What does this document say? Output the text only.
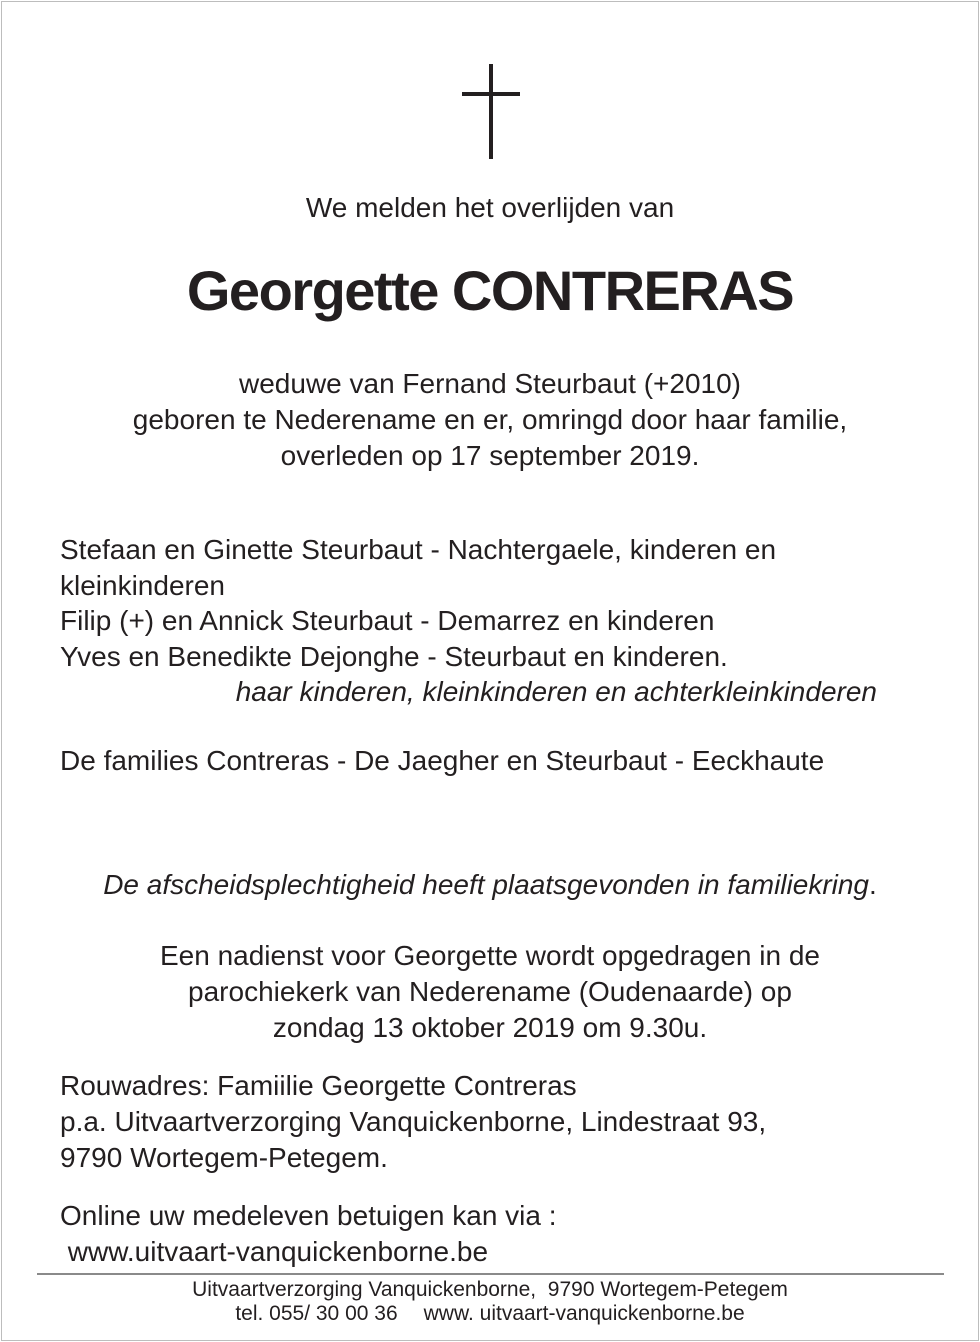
We melden het overlijden van
Georgette CONTRERAS
weduwe van Fernand Steurbaut (+2010)
geboren te Nederename en er, omringd door haar familie,
overleden op 17 september 2019.
Stefaan en Ginette Steurbaut - Nachtergaele, kinderen en
kleinkinderen
Filip (+) en Annick Steurbaut - Demarrez en kinderen
Yves en Benedikte Dejonghe - Steurbaut en kinderen.
haar kinderen, kleinkinderen en achterkleinkinderen
De families Contreras - De Jaegher en Steurbaut - Eeckhaute
De afscheidsplechtigheid heeft plaatsgevonden in familiekring.
Een nadienst voor Georgette wordt opgedragen in de
parochiekerk van Nederename (Oudenaarde) op
zondag 13 oktober 2019 om 9.30u.
Rouwadres: Famiilie Georgette Contreras
p.a. Uitvaartverzorging Vanquickenborne, Lindestraat 93,
9790 Wortegem-Petegem.
Online uw medeleven betuigen kan via :
www.uitvaart-vanquickenborne.be
Uitvaartverzorging Vanquickenborne, 9790 Wortegem-Petegem
tel. 055/ 30 00 36 www. uitvaart-vanquickenborne.be
